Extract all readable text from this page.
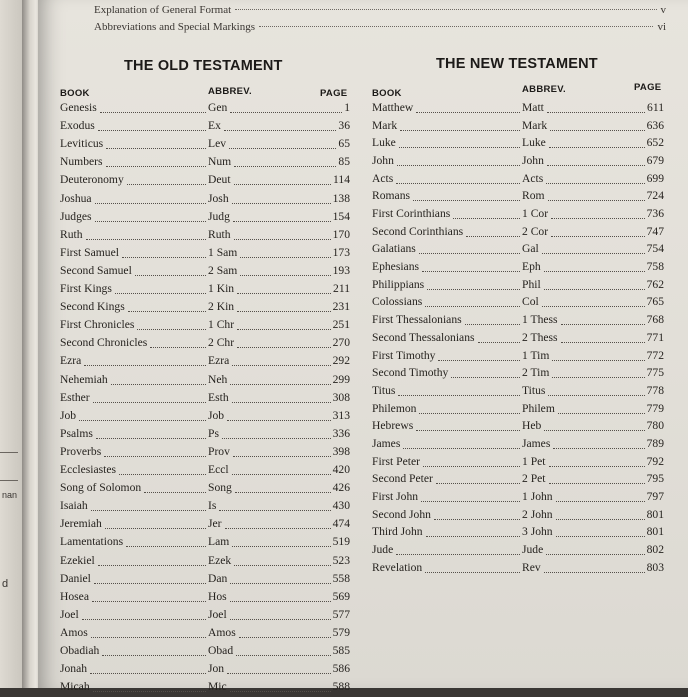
nan
d
Explanation of General Format	v
Abbreviations and Special Markings	vi
THE OLD TESTAMENT	THE NEW TESTAMENT
BOOK	ABBREV.	PAGE
Genesis	Gen	1
Exodus	Ex	36
Leviticus	Lev	65
Numbers	Num	85
Deuteronomy	Deut	114
Joshua	Josh	138
Judges	Judg	154
Ruth	Ruth	170
First Samuel	1 Sam	173
Second Samuel	2 Sam	193
First Kings	1 Kin	211
Second Kings	2 Kin	231
First Chronicles	1 Chr	251
Second Chronicles	2 Chr	270
Ezra	Ezra	292
Nehemiah	Neh	299
Esther	Esth	308
Job	Job	313
Psalms	Ps	336
Proverbs	Prov	398
Ecclesiastes	Eccl	420
Song of Solomon	Song	426
Isaiah	Is	430
Jeremiah	Jer	474
Lamentations	Lam	519
Ezekiel	Ezek	523
Daniel	Dan	558
Hosea	Hos	569
Joel	Joel	577
Amos	Amos	579
Obadiah	Obad	585
Jonah	Jon	586
Micah	Mic	588
BOOK	ABBREV.	PAGE
Matthew	Matt	611
Mark	Mark	636
Luke	Luke	652
John	John	679
Acts	Acts	699
Romans	Rom	724
First Corinthians	1 Cor	736
Second Corinthians	2 Cor	747
Galatians	Gal	754
Ephesians	Eph	758
Philippians	Phil	762
Colossians	Col	765
First Thessalonians	1 Thess	768
Second Thessalonians	2 Thess	771
First Timothy	1 Tim	772
Second Timothy	2 Tim	775
Titus	Titus	778
Philemon	Philem	779
Hebrews	Heb	780
James	James	789
First Peter	1 Pet	792
Second Peter	2 Pet	795
First John	1 John	797
Second John	2 John	801
Third John	3 John	801
Jude	Jude	802
Revelation	Rev	803
